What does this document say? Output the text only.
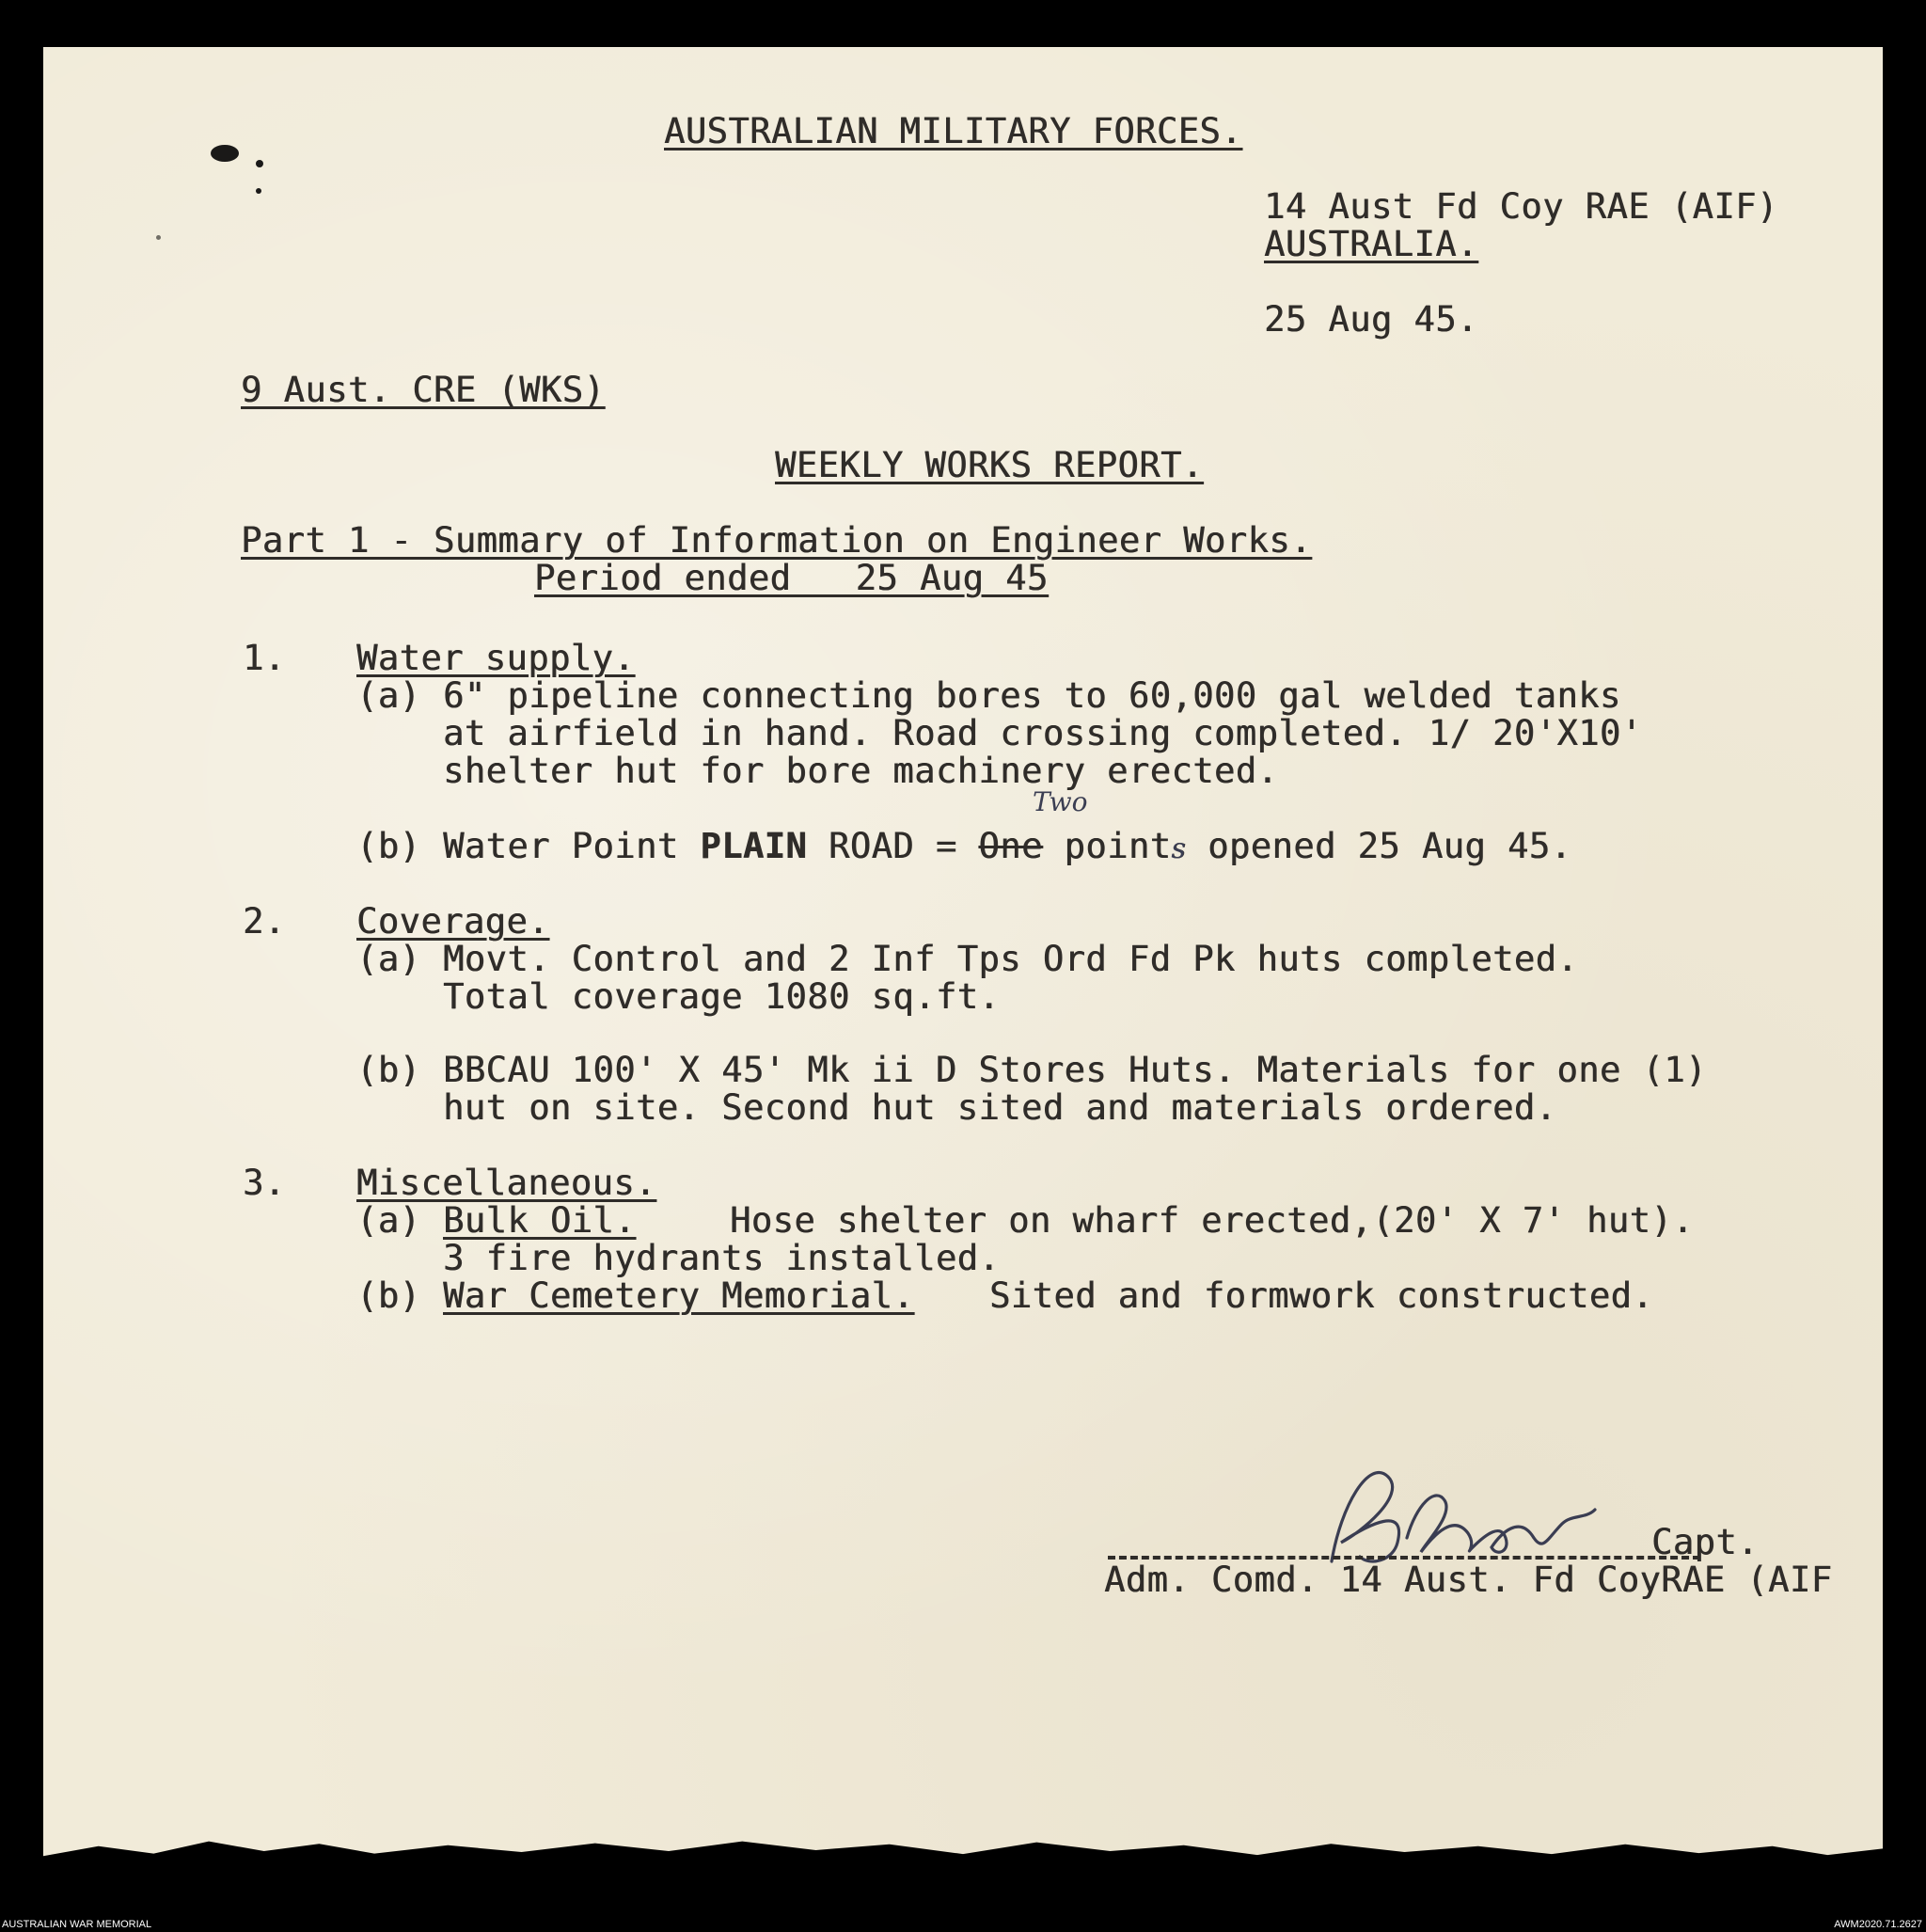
AUSTRALIAN MILITARY FORCES.
14 Aust Fd Coy RAE (AIF)
AUSTRALIA.
25 Aug 45.
9 Aust. CRE (WKS)
WEEKLY WORKS REPORT.
Part 1 - Summary of Information on Engineer Works.
Period ended   25 Aug 45
1. Water supply.
(a) 6" pipeline connecting bores to 60,000 gal welded tanks
at airfield in hand. Road crossing completed. 1/ 20'X10'
shelter hut for bore machinery erected.
(b) Water Point PLAIN ROAD = One points opened 25 Aug 45.
Two
2. Coverage.
(a) Movt. Control and 2 Inf Tps Ord Fd Pk huts completed.
Total coverage 1080 sq.ft.
(b) BBCAU 100' X 45' Mk ii D Stores Huts. Materials for one (1)
hut on site. Second hut sited and materials ordered.
3. Miscellaneous.
(a) Bulk Oil.	Hose shelter on wharf erected,(20' X 7' hut).
3 fire hydrants installed.
(b) War Cemetery Memorial. Sited and formwork constructed.
Capt.
Adm. Comd. 14 Aust. Fd CoyRAE (AIF
AUSTRALIAN WAR MEMORIAL	AWM2020.71.2627
